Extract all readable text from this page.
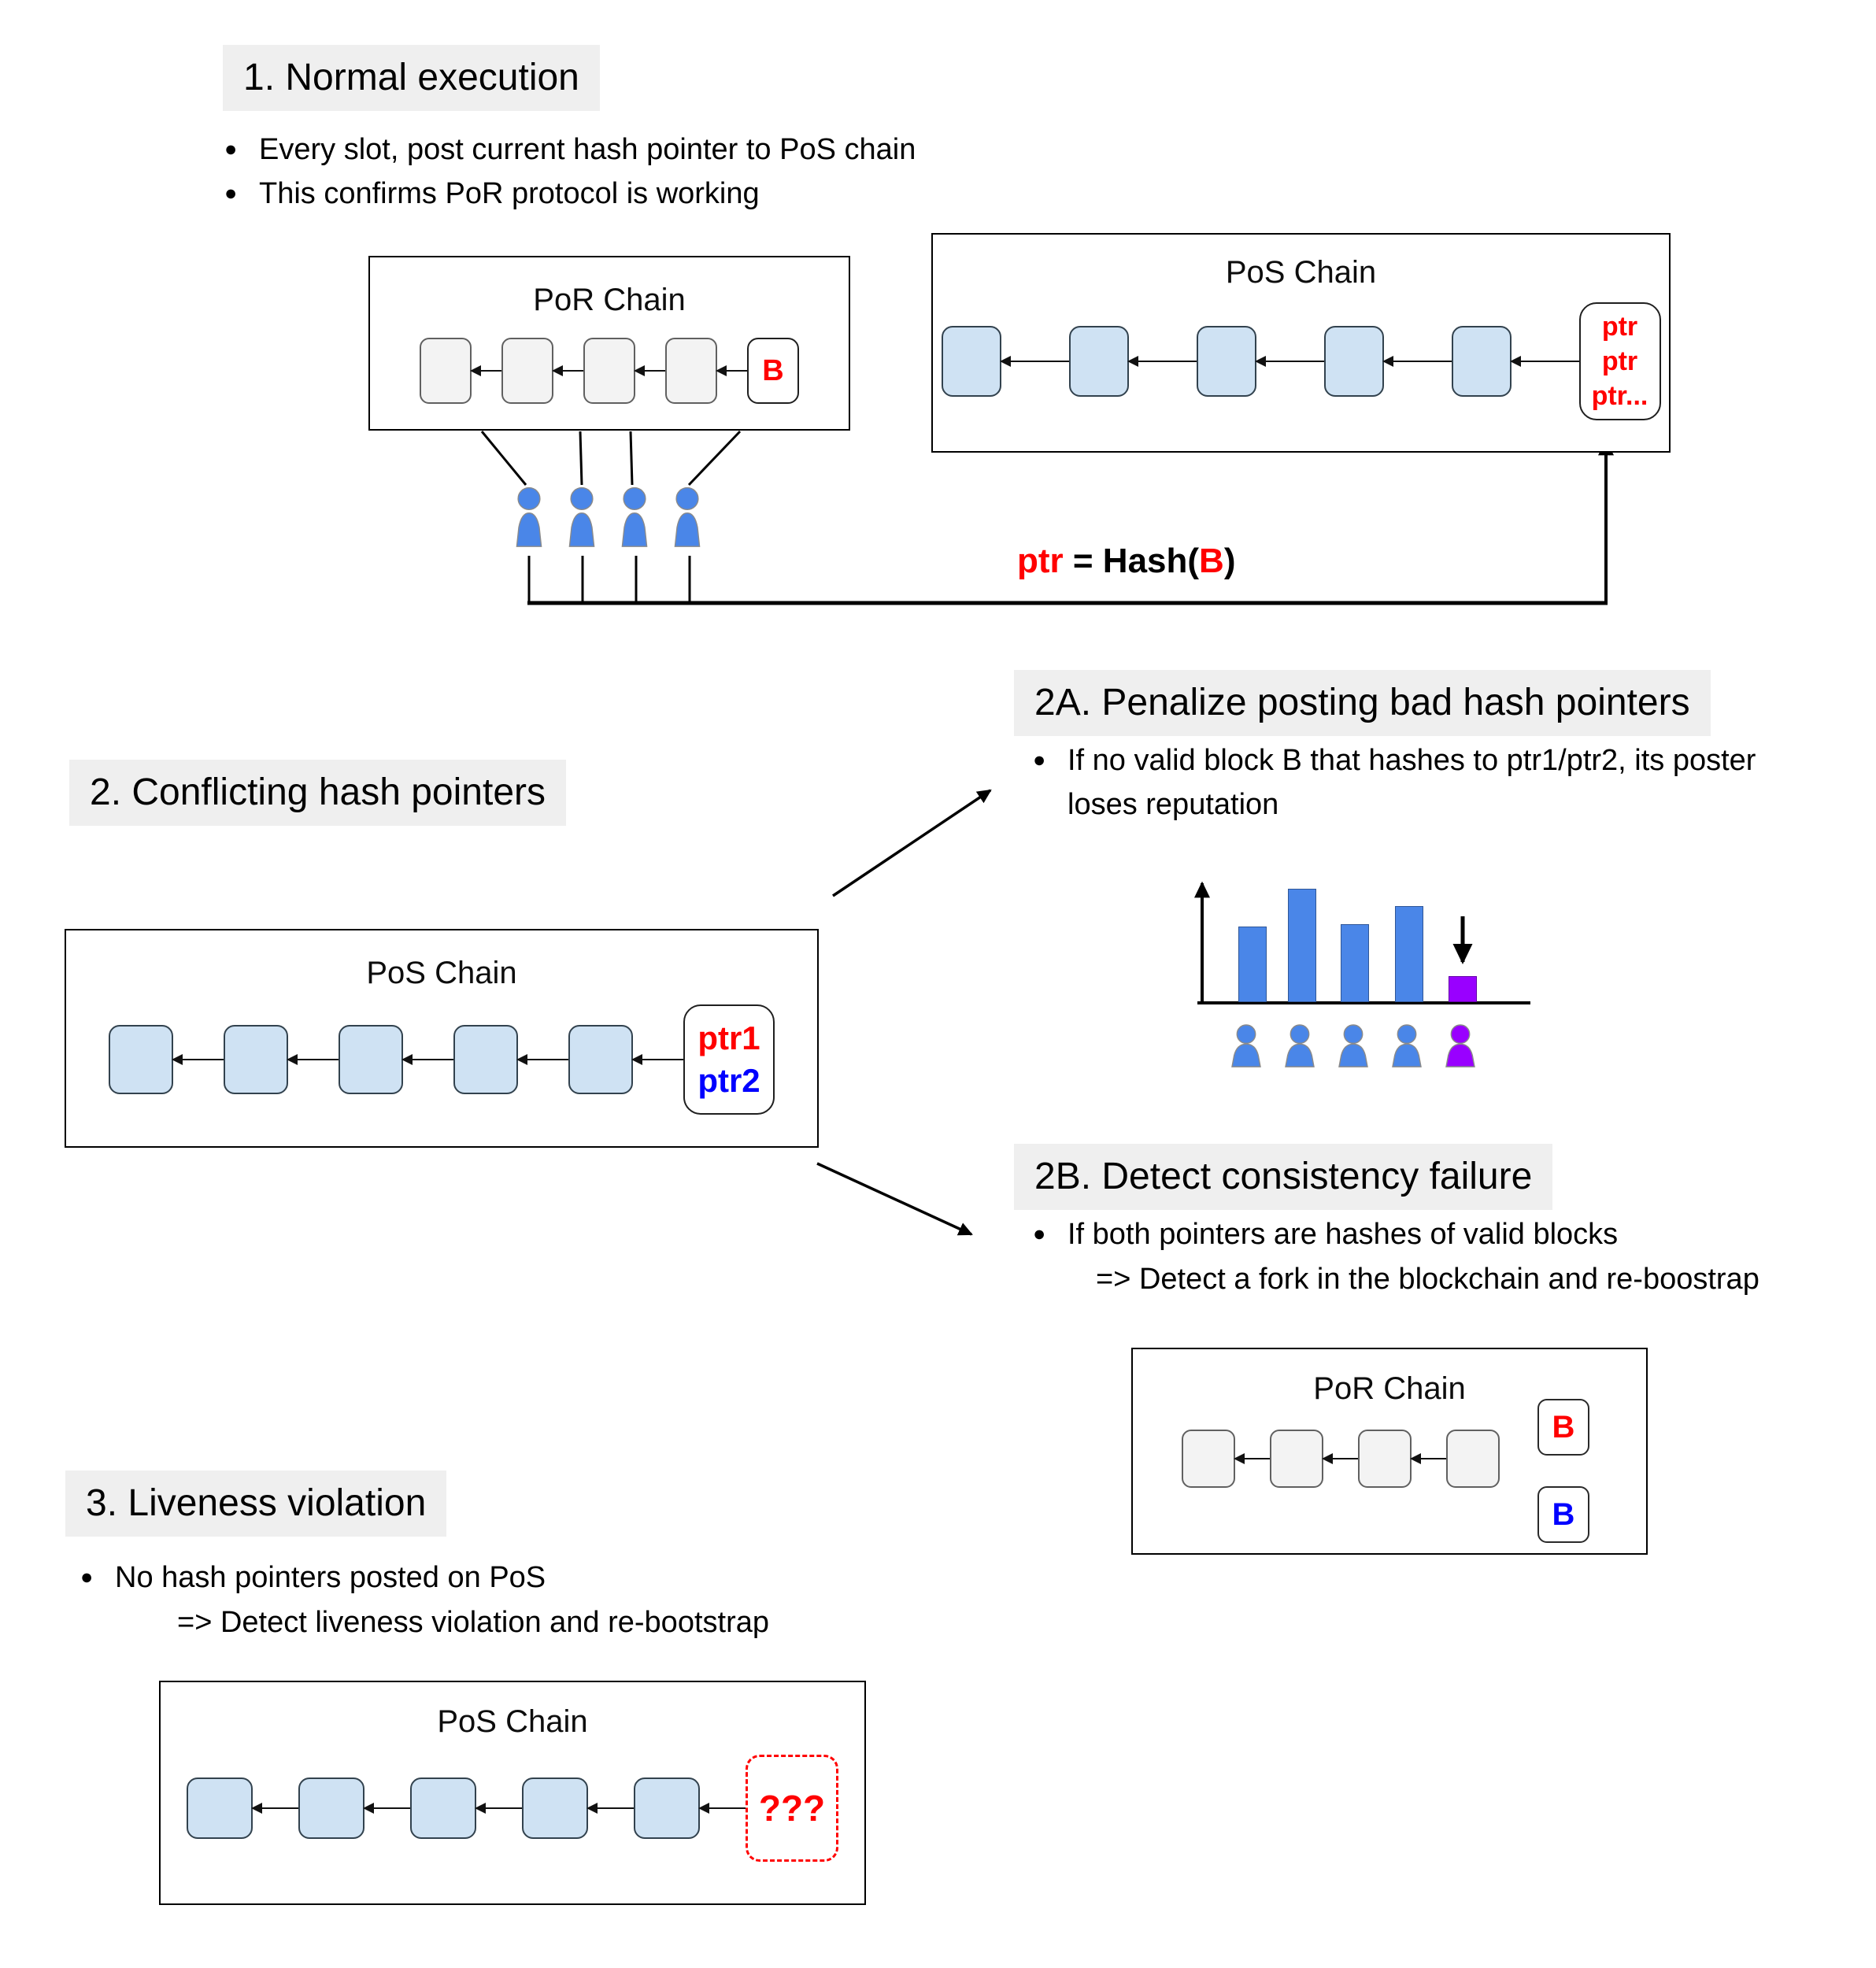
1. Normal execution
● Every slot, post current hash pointer to PoS chain
● This confirms PoR protocol is working
PoR Chain
B
PoS Chain
ptr
ptr
ptr...
ptr = Hash(B)
2. Conflicting hash pointers
PoS Chain
ptr1
ptr2
2A. Penalize posting bad hash pointers
● If no valid block B that hashes to ptr1/ptr2, its poster loses reputation
2B. Detect consistency failure
● If both pointers are hashes of valid blocks
=> Detect a fork in the blockchain and re-boostrap
PoR Chain
B
B
3. Liveness violation
● No hash pointers posted on PoS
=> Detect liveness violation and re-bootstrap
PoS Chain
???
